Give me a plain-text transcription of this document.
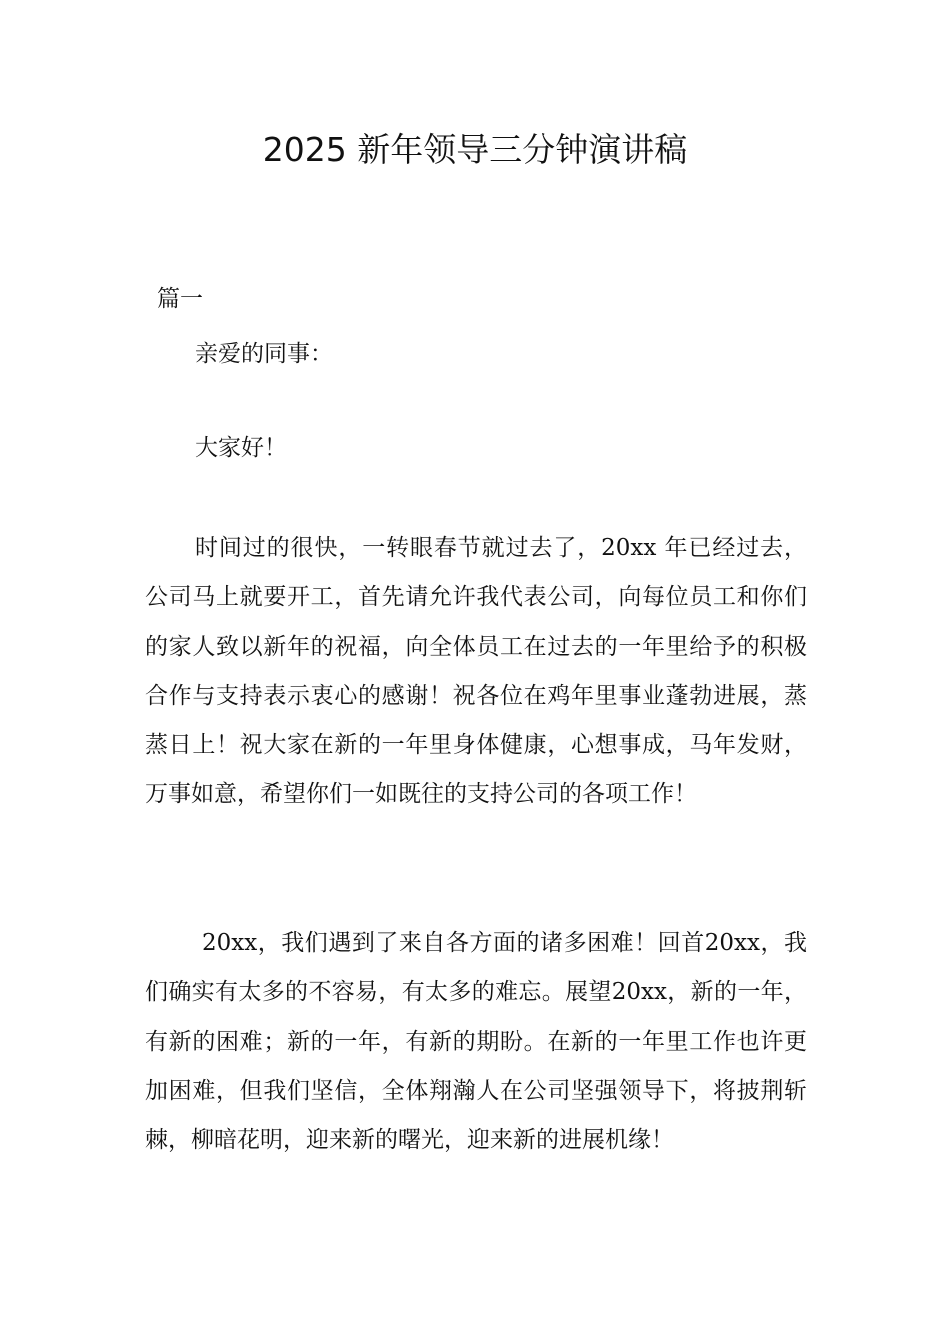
2025 新年领导三分钟演讲稿

篇一

亲爱的同事：

大家好！

时间过的很快，一转眼春节就过去了，20xx 年已经过去，公司马上就要开工，首先请允许我代表公司，向每位员工和你们的家人致以新年的祝福，向全体员工在过去的一年里给予的积极合作与支持表示衷心的感谢！祝各位在鸡年里事业蓬勃进展，蒸蒸日上！祝大家在新的一年里身体健康，心想事成，马年发财，万事如意，希望你们一如既往的支持公司的各项工作！

20xx，我们遇到了来自各方面的诸多困难！回首20xx，我们确实有太多的不容易，有太多的难忘。展望20xx，新的一年，有新的困难；新的一年，有新的期盼。在新的一年里工作也许更加困难，但我们坚信，全体翔瀚人在公司坚强领导下，将披荆斩棘，柳暗花明，迎来新的曙光，迎来新的进展机缘！
